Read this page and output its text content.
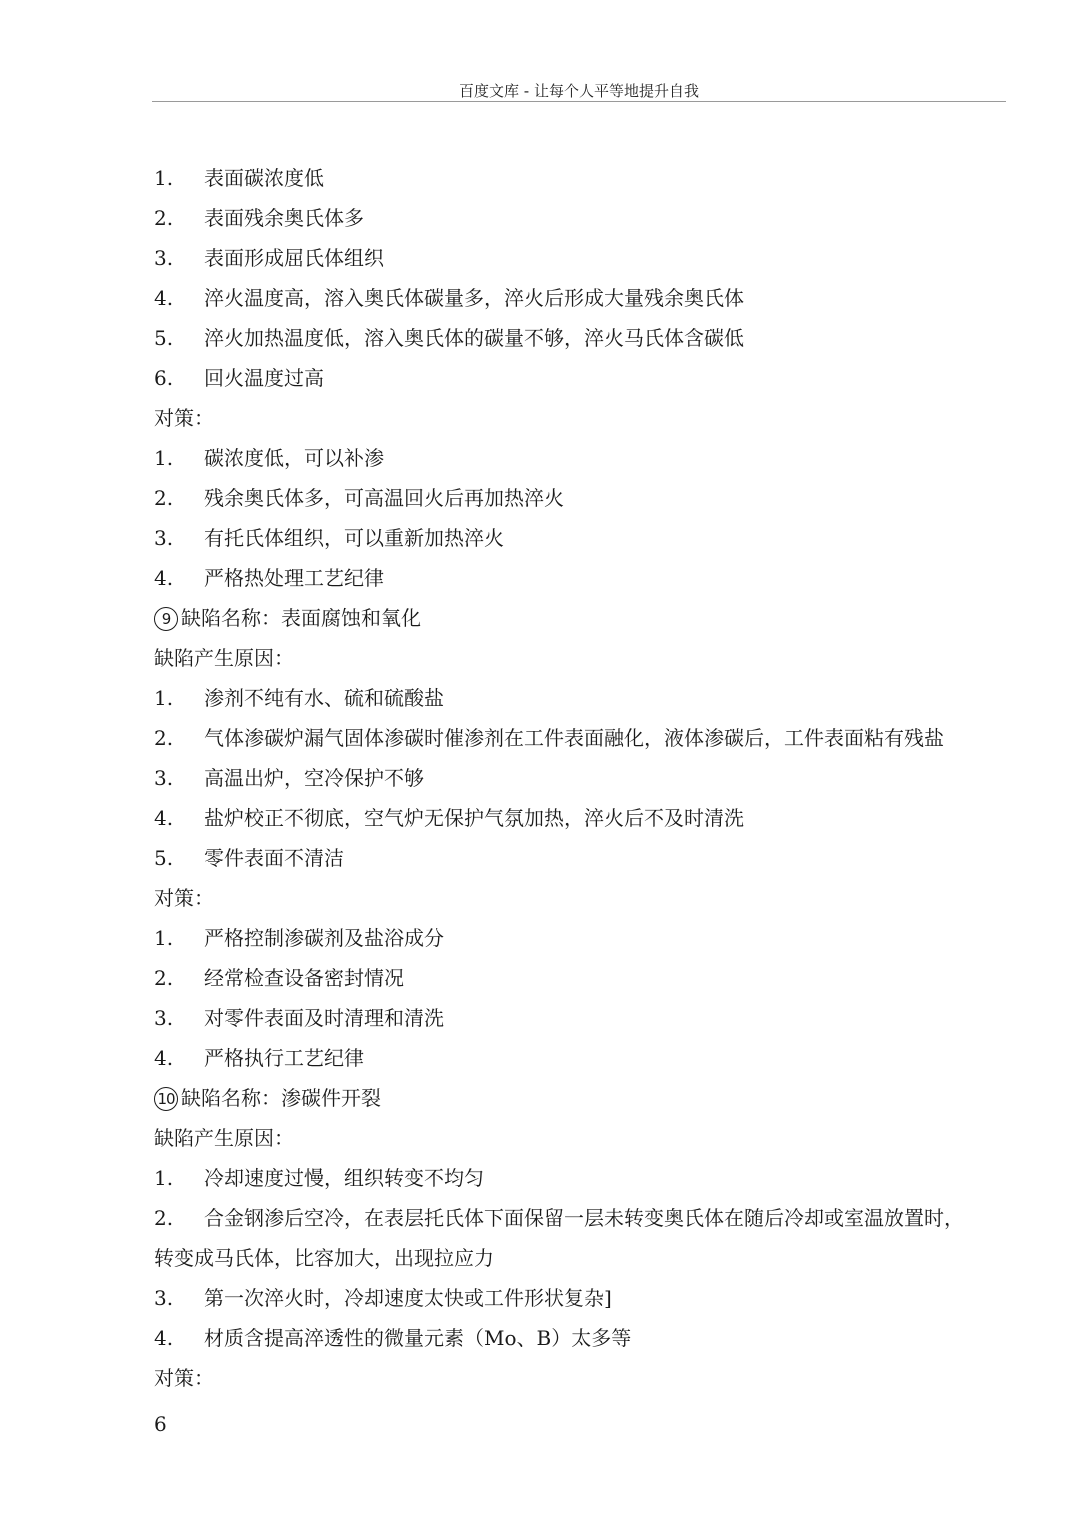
百度文库 - 让每个人平等地提升自我
1. 表面碳浓度低
2. 表面残余奥氏体多
3. 表面形成屈氏体组织
4. 淬火温度高，溶入奥氏体碳量多，淬火后形成大量残余奥氏体
5. 淬火加热温度低，溶入奥氏体的碳量不够，淬火马氏体含碳低
6. 回火温度过高
对策：
1. 碳浓度低，可以补渗
2. 残余奥氏体多，可高温回火后再加热淬火
3. 有托氏体组织，可以重新加热淬火
4. 严格热处理工艺纪律
9 缺陷名称：表面腐蚀和氧化
缺陷产生原因：
1. 渗剂不纯有水、硫和硫酸盐
2. 气体渗碳炉漏气固体渗碳时催渗剂在工件表面融化，液体渗碳后，工件表面粘有残盐
3. 高温出炉，空冷保护不够
4. 盐炉校正不彻底，空气炉无保护气氛加热，淬火后不及时清洗
5. 零件表面不清洁
对策：
1. 严格控制渗碳剂及盐浴成分
2. 经常检查设备密封情况
3. 对零件表面及时清理和清洗
4. 严格执行工艺纪律
10 缺陷名称：渗碳件开裂
缺陷产生原因：
1. 冷却速度过慢，组织转变不均匀
2. 合金钢渗后空冷，在表层托氏体下面保留一层未转变奥氏体在随后冷却或室温放置时，
转变成马氏体，比容加大，出现拉应力
3. 第一次淬火时，冷却速度太快或工件形状复杂]
4. 材质含提高淬透性的微量元素（Mo、B）太多等
对策：
6
